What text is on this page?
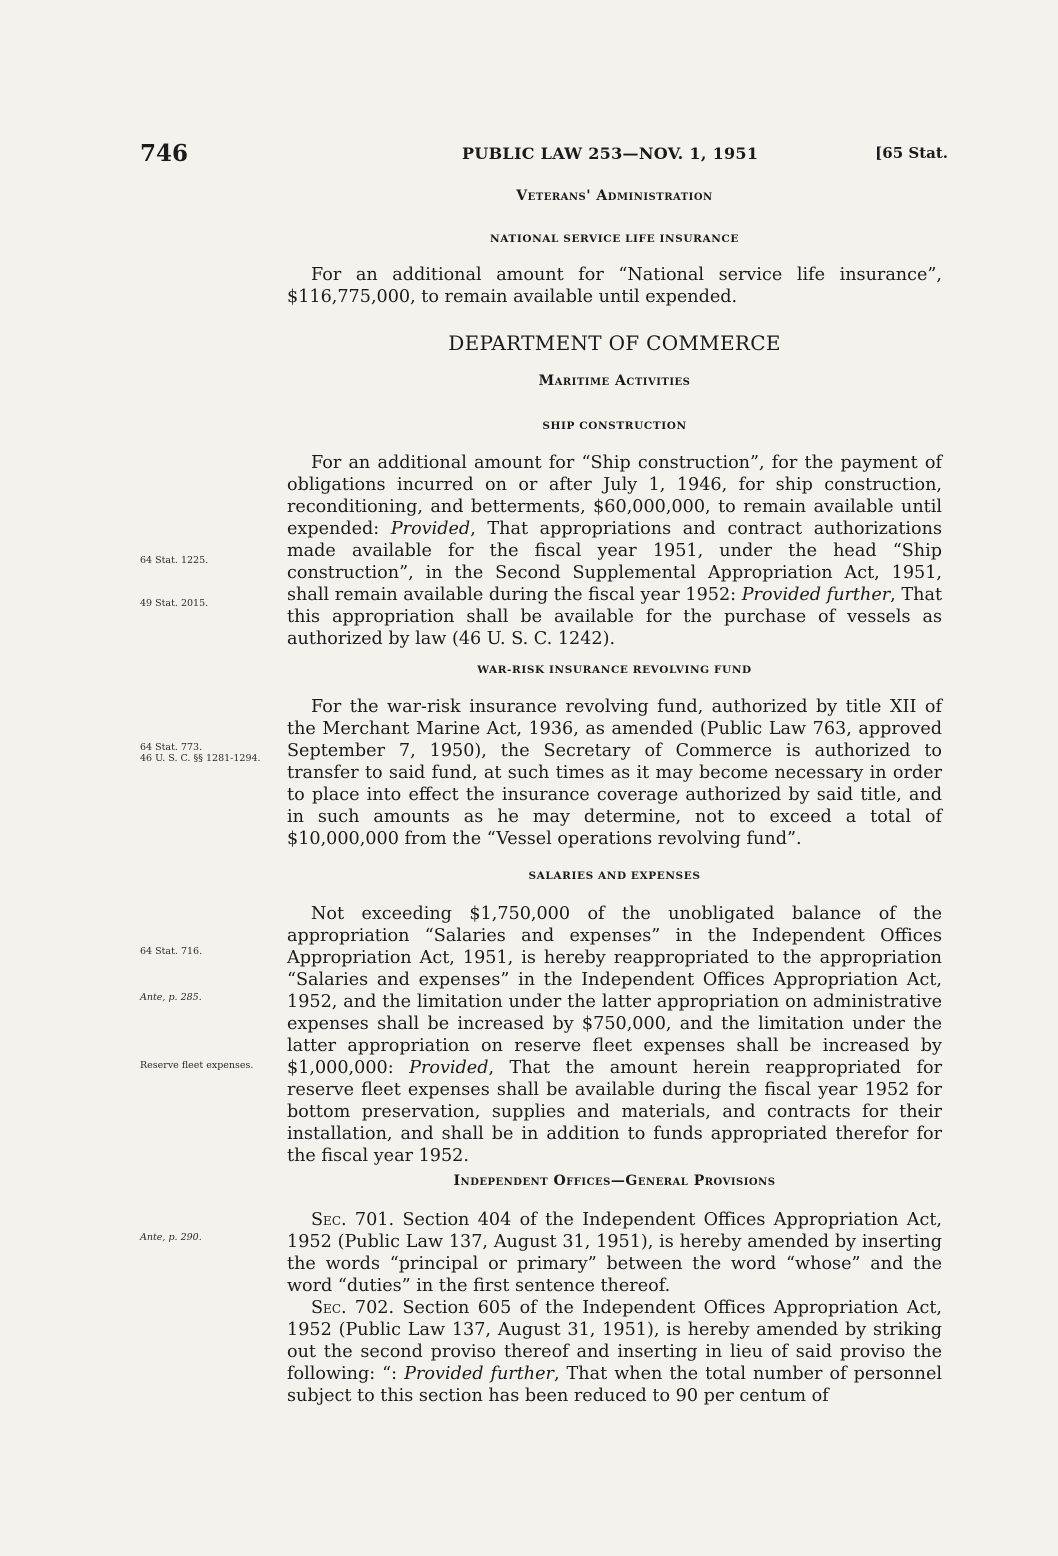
746	PUBLIC LAW 253—NOV. 1, 1951	[65 Stat.
Veterans' Administration
NATIONAL SERVICE LIFE INSURANCE

For an additional amount for “National service life insurance”, $116,775,000, to remain available until expended.

DEPARTMENT OF COMMERCE
Maritime Activities
SHIP CONSTRUCTION

For an additional amount for “Ship construction”, for the payment of obligations incurred on or after July 1, 1946, for ship construction, reconditioning, and betterments, $60,000,000, to remain available until expended: Provided, That appropriations and contract authorizations made available for the fiscal year 1951, under the head “Ship construction”, in the Second Supplemental Appropriation Act, 1951, shall remain available during the fiscal year 1952: Provided further, That this appropriation shall be available for the purchase of vessels as authorized by law (46 U. S. C. 1242).

WAR-RISK INSURANCE REVOLVING FUND

For the war-risk insurance revolving fund, authorized by title XII of the Merchant Marine Act, 1936, as amended (Public Law 763, approved September 7, 1950), the Secretary of Commerce is authorized to transfer to said fund, at such times as it may become necessary in order to place into effect the insurance coverage authorized by said title, and in such amounts as he may determine, not to exceed a total of $10,000,000 from the “Vessel operations revolving fund”.

SALARIES AND EXPENSES

Not exceeding $1,750,000 of the unobligated balance of the appropriation “Salaries and expenses” in the Independent Offices Appropriation Act, 1951, is hereby reappropriated to the appropriation “Salaries and expenses” in the Independent Offices Appropriation Act, 1952, and the limitation under the latter appropriation on administrative expenses shall be increased by $750,000, and the limitation under the latter appropriation on reserve fleet expenses shall be increased by $1,000,000: Provided, That the amount herein reappropriated for reserve fleet expenses shall be available during the fiscal year 1952 for bottom preservation, supplies and materials, and contracts for their installation, and shall be in addition to funds appropriated therefor for the fiscal year 1952.

Independent Offices—General Provisions

Sec. 701. Section 404 of the Independent Offices Appropriation Act, 1952 (Public Law 137, August 31, 1951), is hereby amended by inserting the words “principal or primary” between the word “whose” and the word “duties” in the first sentence thereof.

Sec. 702. Section 605 of the Independent Offices Appropriation Act, 1952 (Public Law 137, August 31, 1951), is hereby amended by striking out the second proviso thereof and inserting in lieu of said proviso the following: “: Provided further, That when the total number of personnel subject to this section has been reduced to 90 per centum of

64 Stat. 1225.
49 Stat. 2015.
64 Stat. 773.
46 U. S. C. §§ 1281-1294.
64 Stat. 716.
Ante, p. 285.
Reserve fleet expenses.
Ante, p. 290.
